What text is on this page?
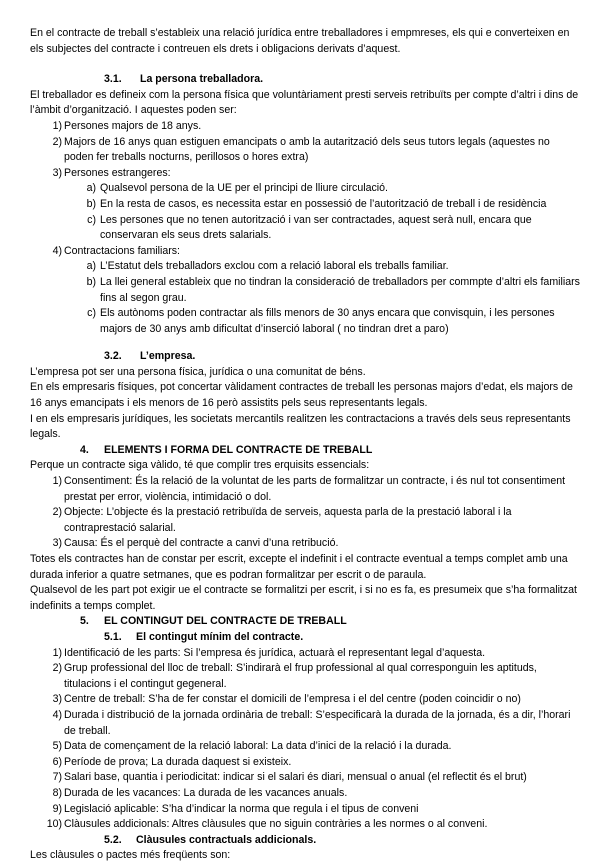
En el contracte de treball s’estableix una relació jurídica entre treballadores i empmreses, els qui e converteixen en els subjectes del contracte i contreuen els drets i obligacions derivats d’aquest.

3.1. La persona treballadora.

El treballador es defineix com la persona física que voluntàriament presti serveis retribuïts per compte d’altri i dins de l’àmbit d’organització. I aquestes poden ser:

1) Persones majors de 18 anys.
2) Majors de 16 anys quan estiguen emancipats o amb la autarització dels seus tutors legals (aquestes no poden fer treballs nocturns, perillosos o hores extra)
3) Persones estrangeres:
a) Qualsevol persona de la UE per el principi de lliure circulació.
b) En la resta de casos, es necessita estar en possessió de l’autorització de treball i de residència
c) Les persones que no tenen autorització i van ser contractades, aquest serà null, encara que conservaran els seus drets salarials.
4) Contractacions familiars:
a) L’Estatut dels treballadors exclou com a relació laboral els treballs familiar.
b) La llei general estableix que no tindran la consideració de treballadors per commpte d’altri els familiars fins al segon grau.
c) Els autònoms poden contractar als fills menors de 30 anys encara que convisquin, i les persones majors de 30 anys amb dificultat d’inserció laboral ( no tindran dret a paro)
3.2. L’empresa.

L’empresa pot ser una persona física, jurídica o una comunitat de béns.

En els empresaris físiques, pot concertar vàlidament contractes de treball les personas majors d’edat, els majors de 16 anys emancipats i els menors de 16 però assistits pels seus representants legals.

I en els empresaris jurídiques, les societats mercantils realitzen les contractacions a través dels seus representants legals.

4. ELEMENTS I FORMA DEL CONTRACTE DE TREBALL

Perque un contracte siga vàlido, té que complir tres erquisits essencials:

1) Consentiment: És la relació de la voluntat de les parts de formalitzar un contracte, i és nul tot consentiment prestat per error, violència, intimidació o dol.
2) Objecte: L’objecte és la prestació retribuïda de serveis, aquesta parla de la prestació laboral i la contraprestació salarial.
3) Causa: És el perquè del contracte a canvi d’una retribució.

Totes els contractes han de constar per escrit, excepte el indefinit i el contracte eventual a temps complet amb una durada inferior a quatre setmanes, que es podran formalitzar per escrit o de paraula.

Qualsevol de les part pot exigir ue el contracte se formalitzi per escrit, i si no es fa, es presumeix que s’ha formalitzat indefinits a temps complet.

5. EL CONTINGUT DEL CONTRACTE DE TREBALL
5.1. El contingut mínim del contracte.
1) Identificació de les parts: Si l’empresa és jurídica, actuarà el representant legal d’aquesta.
2) Grup professional del lloc de treball: S’indirarà el frup professional al qual corresponguin les aptituds, titulacions i el contingut gegeneral.
3) Centre de treball: S’ha de fer constar el domicili de l’empresa i el del centre (poden coincidir o no)
4) Durada i distribució de la jornada ordinària de treball: S’especificarà la durada de la jornada, és a dir, l’horari de treball.
5) Data de començament de la relació laboral: La data d’inici de la relació i la durada.
6) Període de prova; La durada daquest si existeix.
7) Salari base, quantia i periodicitat: indicar si el salari és diari, mensual o anual (el reflectit és el brut)
8) Durada de les vacances: La durada de les vacances anuals.
9) Legislació aplicable: S’ha d’indicar la norma que regula i el tipus de conveni
10) Clàusules addicionals: Altres clàusules que no siguin contràries a les normes o al conveni.
5.2. Clàusules contractuals addicionals.

Les clàusules o pactes més freqüents son:
